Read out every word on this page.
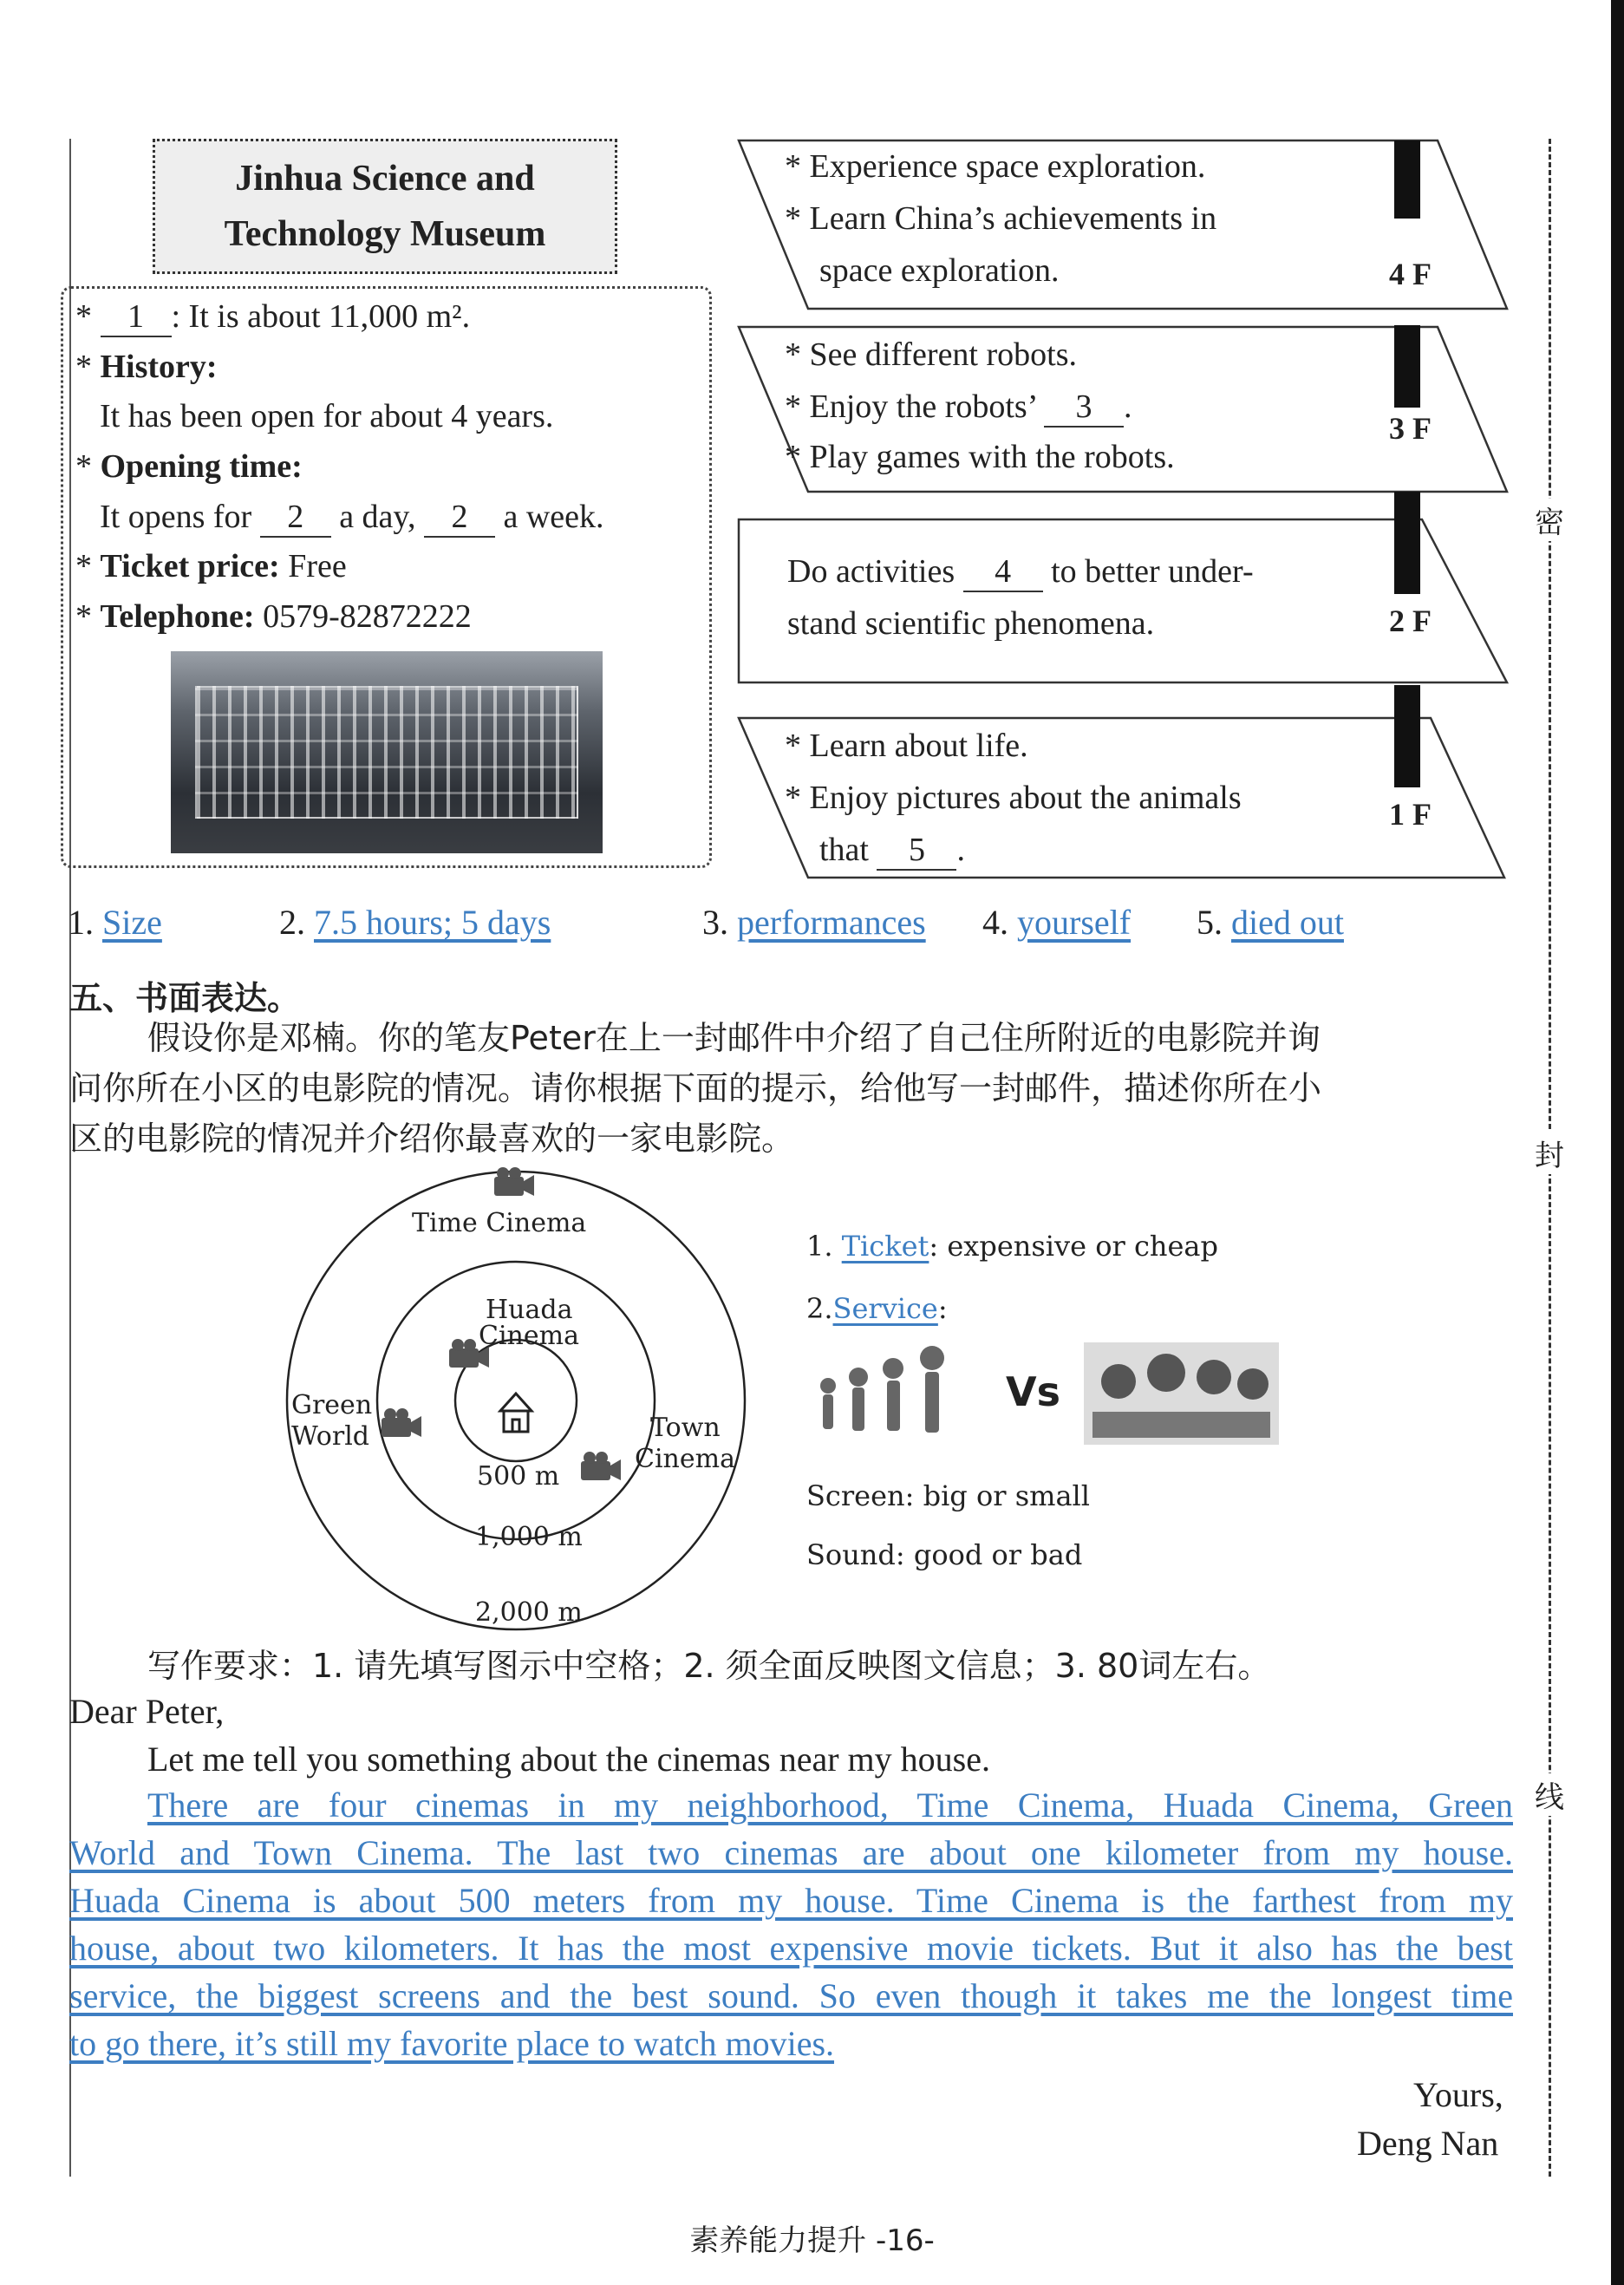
密
封
线
Jinhua Science and
Technology Museum
* 1 : It is about 11,000 m².
* History:
It has been open for about 4 years.
* Opening time:
It opens for 2 a day, 2 a week.
* Ticket price: Free
* Telephone: 0579-82872222
* Experience space exploration.
* Learn China’s achievements in
space exploration.	4 F
* See different robots.
* Enjoy the robots’ 3 .
* Play games with the robots.
3 F
Do activities 4 to better under-
stand scientific phenomena.	2 F
* Learn about life.
* Enjoy pictures about the animals
that 5 .
1 F
1. Size	2. 7.5 hours; 5 days	3. performances 4. yourself 5. died out
五、书面表达。
假设你是邓楠。你的笔友Peter在上一封邮件中介绍了自己住所附近的电影院并询
问你所在小区的电影院的情况。请你根据下面的提示，给他写一封邮件，描述你所在小
区的电影院的情况并介绍你最喜欢的一家电影院。
Time Cinema
Huada
Cinema
Green
World	Town
Cinema
500 m
1,000 m
2,000 m
1. Ticket: expensive or cheap
2.Service:
Vs
Screen: big or small
Sound: good or bad
写作要求：1. 请先填写图示中空格；2. 须全面反映图文信息；3. 80词左右。
Dear Peter,
Let me tell you something about the cinemas near my house.
There are four cinemas in my neighborhood, Time Cinema, Huada Cinema, Green
World and Town Cinema. The last two cinemas are about one kilometer from my house.
Huada Cinema is about 500 meters from my house. Time Cinema is the farthest from my
house, about two kilometers. It has the most expensive movie tickets. But it also has the best
service, the biggest screens and the best sound. So even though it takes me the longest time
to go there, it’s still my favorite place to watch movies.
Yours,
Deng Nan
素养能力提升 -16-
